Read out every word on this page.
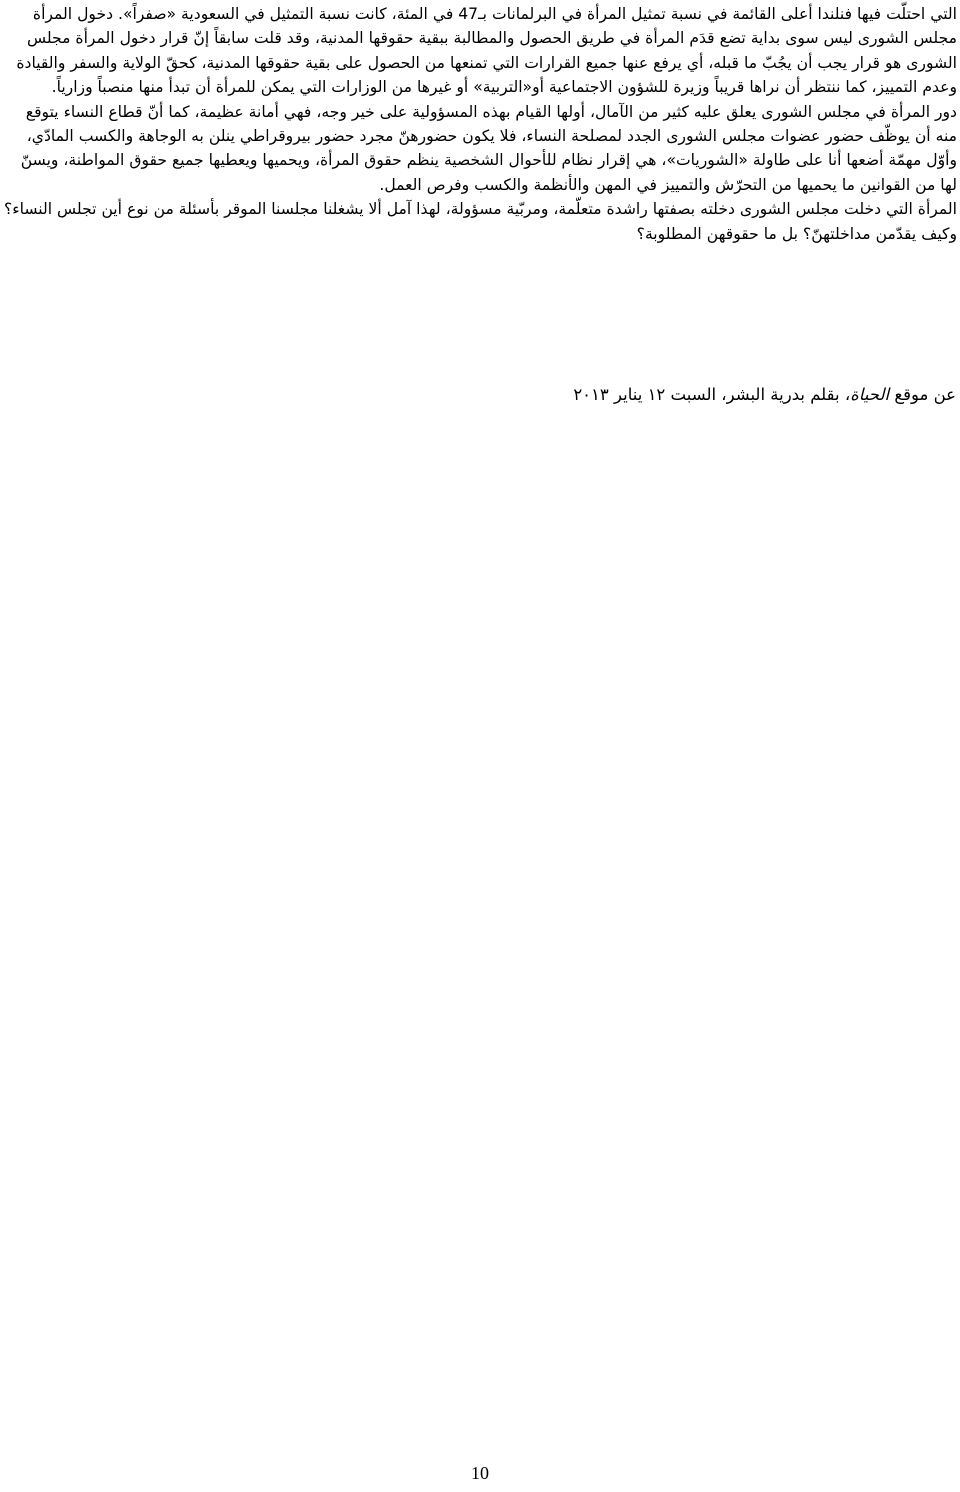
التي احتلّت فيها فنلندا أعلى القائمة في نسبة تمثيل المرأة في البرلمانات بـ47 في المئة، كانت نسبة التمثيل في السعودية «صفراً». دخول المرأة مجلس الشورى ليس سوى بداية تضع قدَم المرأة في طريق الحصول والمطالبة ببقية حقوقها المدنية، وقد قلت سابقاً إنّ قرار دخول المرأة مجلس الشورى هو قرار يجب أن يجُبّ ما قبله، أي يرفع عنها جميع القرارات التي تمنعها من الحصول على بقية حقوقها المدنية، كحقّ الولاية والسفر والقيادة وعدم التمييز، كما ننتظر أن نراها قريباً وزيرة للشؤون الاجتماعية أو«التربية» أو غيرها من الوزارات التي يمكن للمرأة أن تبدأ منها منصباً وزارياً.

دور المرأة في مجلس الشورى يعلق عليه كثير من الآمال، أولها القيام بهذه المسؤولية على خير وجه، فهي أمانة عظيمة، كما أنّ قطاع النساء يتوقع منه أن يوظّف حضور عضوات مجلس الشورى الجدد لمصلحة النساء، فلا يكون حضورهنّ مجرد حضور بيروقراطي ينلن به الوجاهة والكسب المادّي، وأوّل مهمّة أضعها أنا على طاولة «الشوريات»، هي إقرار نظام للأحوال الشخصية ينظم حقوق المرأة، ويحميها ويعطيها جميع حقوق المواطنة، ويسنّ لها من القوانين ما يحميها من التحرّش والتمييز في المهن والأنظمة والكسب وفرص العمل.

المرأة التي دخلت مجلس الشورى دخلته بصفتها راشدة متعلّمة، ومربّية مسؤولة، لهذا آمل ألا يشغلنا مجلسنا الموقر بأسئلة من نوع أين تجلس النساء؟ وكيف يقدّمن مداخلتهنّ؟ بل ما حقوقهن المطلوبة؟

عن موقع الحياة، بقلم بدرية البشر، السبت ١٢ يناير ٢٠١٣
10
